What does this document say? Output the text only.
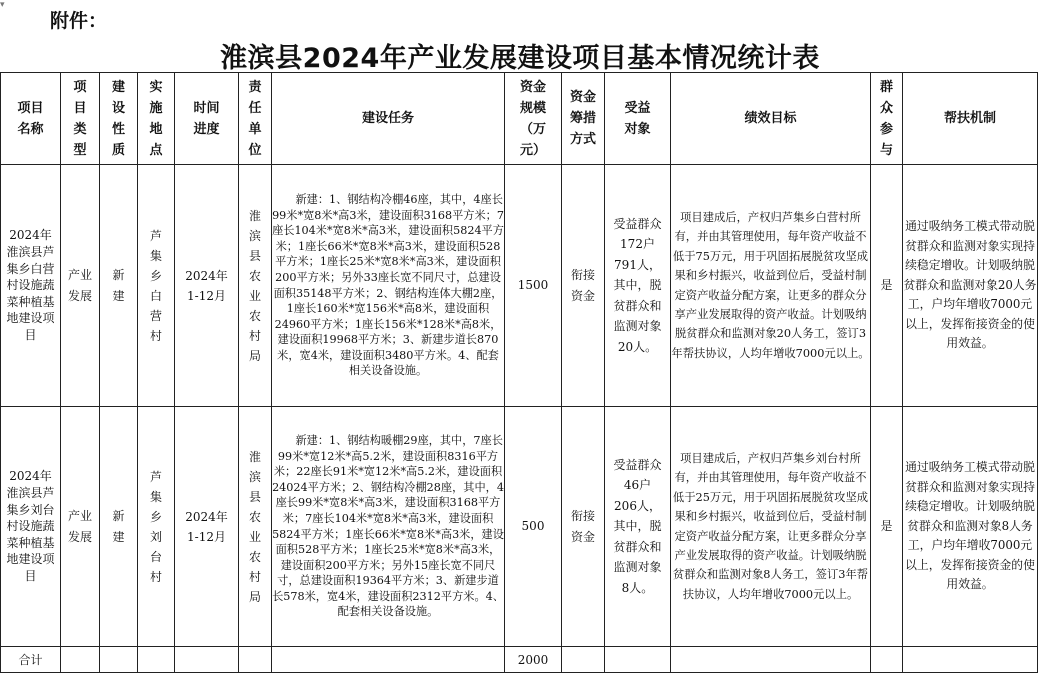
▾
附件：
淮滨县2024年产业发展建设项目基本情况统计表
项目名称	项目类型	建设性质	实施地点	时间进度	责任单位	建设任务	资金规模（万元）	资金筹措方式	受益对象	绩效目标	群众参与	帮扶机制
2024年淮滨县芦集乡白营村设施蔬菜种植基地建设项目	产业发展	新建	芦集乡白营村	2024年1-12月	淮滨县农业农村局	新建：1、钢结构冷棚46座，其中，4座长99米*宽8米*高3米，建设面积3168平方米；7座长104米*宽8米*高3米，建设面积5824平方米；1座长66米*宽8米*高3米，建设面积528平方米；1座长25米*宽8米*高3米，建设面积200平方米；另外33座长宽不同尺寸，总建设面积35148平方米；2、钢结构连体大棚2座，1座长160米*宽156米*高8米，建设面积24960平方米；1座长156米*128米*高8米，建设面积19968平方米；3、新建步道长870米，宽4米，建设面积3480平方米。4、配套相关设备设施。	1500	衔接资金	受益群众172户791人，其中，脱贫群众和监测对象20人。	项目建成后，产权归芦集乡白营村所有，并由其管理使用，每年资产收益不低于75万元，用于巩固拓展脱贫攻坚成果和乡村振兴，收益到位后，受益村制定资产收益分配方案，让更多的群众分享产业发展取得的资产收益。计划吸纳脱贫群众和监测对象20人务工，签订3年帮扶协议，人均年增收7000元以上。	是	通过吸纳务工模式带动脱贫群众和监测对象实现持续稳定增收。计划吸纳脱贫群众和监测对象20人务工，户均年增收7000元以上，发挥衔接资金的使用效益。
2024年淮滨县芦集乡刘台村设施蔬菜种植基地建设项目	产业发展	新建	芦集乡刘台村	2024年1-12月	淮滨县农业农村局	新建：1、钢结构暖棚29座，其中，7座长99米*宽12米*高5.2米，建设面积8316平方米；22座长91米*宽12米*高5.2米，建设面积24024平方米；2、钢结构冷棚28座，其中，4座长99米*宽8米*高3米，建设面积3168平方米；7座长104米*宽8米*高3米，建设面积5824平方米；1座长66米*宽8米*高3米，建设面积528平方米；1座长25米*宽8米*高3米，建设面积200平方米；另外15座长宽不同尺寸，总建设面积19364平方米；3、新建步道长578米，宽4米，建设面积2312平方米。4、配套相关设备设施。	500	衔接资金	受益群众46户206人，其中，脱贫群众和监测对象8人。	项目建成后，产权归芦集乡刘台村所有，并由其管理使用，每年资产收益不低于25万元，用于巩固拓展脱贫攻坚成果和乡村振兴，收益到位后，受益村制定资产收益分配方案，让更多群众分享产业发展取得的资产收益。计划吸纳脱贫群众和监测对象8人务工，签订3年帮扶协议，人均年增收7000元以上。	是	通过吸纳务工模式带动脱贫群众和监测对象实现持续稳定增收。计划吸纳脱贫群众和监测对象8人务工，户均年增收7000元以上，发挥衔接资金的使用效益。
合计							2000					
